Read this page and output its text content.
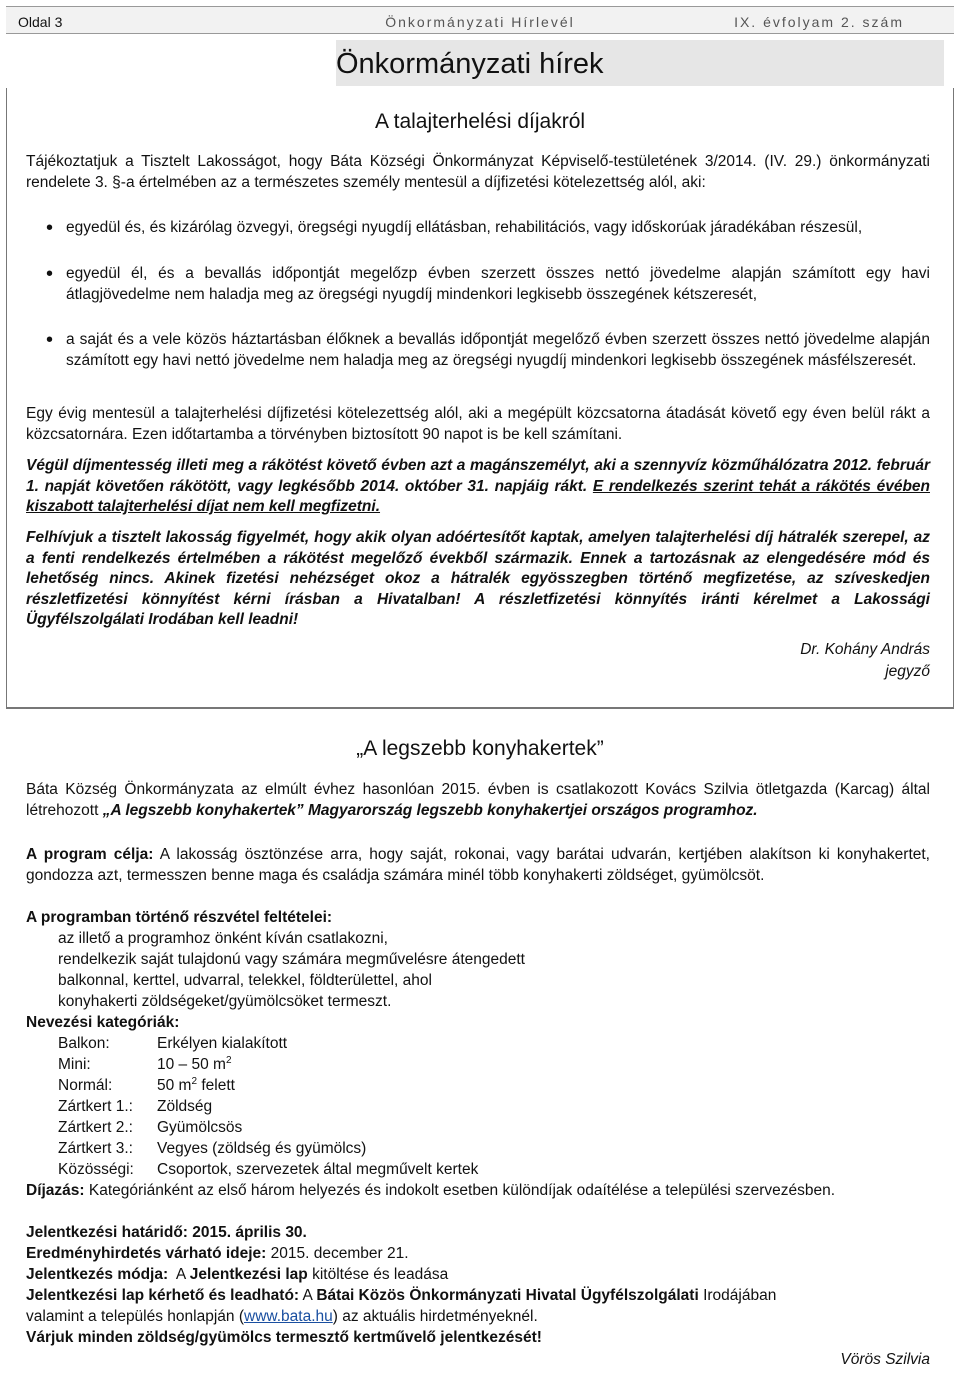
Oldal 3	Önkormányzati Hírlevél	IX. évfolyam 2. szám
Önkormányzati hírek
A talajterhelési díjakról
Tájékoztatjuk a Tisztelt Lakosságot, hogy Báta Községi Önkormányzat Képviselő-testületének 3/2014. (IV. 29.) önkormányzati rendelete 3. §-a értelmében az a természetes személy mentesül a díjfizetési kötelezettség alól, aki:
• egyedül és, és kizárólag özvegyi, öregségi nyugdíj ellátásban, rehabilitációs, vagy időskorúak járadékában részesül,
• egyedül él, és a bevallás időpontját megelőzp évben szerzett összes nettó jövedelme alapján számított egy havi átlagjövedelme nem haladja meg az öregségi nyugdíj mindenkori legkisebb összegének kétszeresét,
• a saját és a vele közös háztartásban élőknek a bevallás időpontját megelőző évben szerzett összes nettó jövedelme alapján számított egy havi nettó jövedelme nem haladja meg az öregségi nyugdíj mindenkori legkisebb összegének másfélszeresét.
Egy évig mentesül a talajterhelési díjfizetési kötelezettség alól, aki a megépült közcsatorna átadását követő egy éven belül rákt a közcsatornára. Ezen időtartamba a törvényben biztosított 90 napot is be kell számítani.
Végül díjmentesség illeti meg a rákötést követő évben azt a magánszemélyt, aki a szennyvíz közműhálózatra 2012. február 1. napját követően rákötött, vagy legkésőbb 2014. október 31. napjáig rákt. E rendelkezés szerint tehát a rákötés évében kiszabott talajterhelési díjat nem kell megfizetni.
Felhívjuk a tisztelt lakosság figyelmét, hogy akik olyan adóértesítőt kaptak, amelyen talajterhelési díj hátralék szerepel, az a fenti rendelkezés értelmében a rákötést megelőző évekből származik. Ennek a tartozásnak az elengedésére mód és lehetőség nincs. Akinek fizetési nehézséget okoz a hátralék egyösszegben történő megfizetése, az szíveskedjen részletfizetési könnyítést kérni írásban a Hivatalban! A részletfizetési könnyítés iránti kérelmet a Lakossági Ügyfélszolgálati Irodában kell leadni!
Dr. Kohány András
jegyző
„A legszebb konyhakertek”
Báta Község Önkormányzata az elmúlt évhez hasonlóan 2015. évben is csatlakozott Kovács Szilvia ötletgazda (Karcag) által létrehozott „A legszebb konyhakertek” Magyarország legszebb konyhakertjei országos programhoz.
A program célja: A lakosság ösztönzése arra, hogy saját, rokonai, vagy barátai udvarán, kertjében alakítson ki konyhakertet, gondozza azt, termesszen benne maga és családja számára minél több konyhakerti zöldséget, gyümölcsöt.
A programban történő részvétel feltételei:
az illető a programhoz önként kíván csatlakozni,
rendelkezik saját tulajdonú vagy számára megművelésre átengedett
balkonnal, kerttel, udvarral, telekkel, földterülettel, ahol
konyhakerti zöldségeket/gyümölcsöket termeszt.
Nevezési kategóriák:
Balkon:	Erkélyen kialakított
Mini:	10 – 50 $m^2$
Normál:	50 $m^2$ felett
Zártkert 1.: Zöldség
Zártkert 2.: Gyümölcsös
Zártkert 3.: Vegyes (zöldség és gyümölcs)
Közösségi: Csoportok, szervezetek által megművelt kertek
Díjazás: Kategóriánként az első három helyezés és indokolt esetben különdíjak odaítélése a települési szervezésben.
Jelentkezési határidő: 2015. április 30.
Eredményhirdetés várható ideje: 2015. december 21.
Jelentkezés módja:  A Jelentkezési lap kitöltése és leadása
Jelentkezési lap kérhető és leadható: A Bátai Közös Önkormányzati Hivatal Ügyfélszolgálati Irodájában
valamint a település honlapján (www.bata.hu) az aktuális hirdetményeknél.
Várjuk minden zöldség/gyümölcs termesztő kertművelő jelentkezését!
Vörös Szilvia
